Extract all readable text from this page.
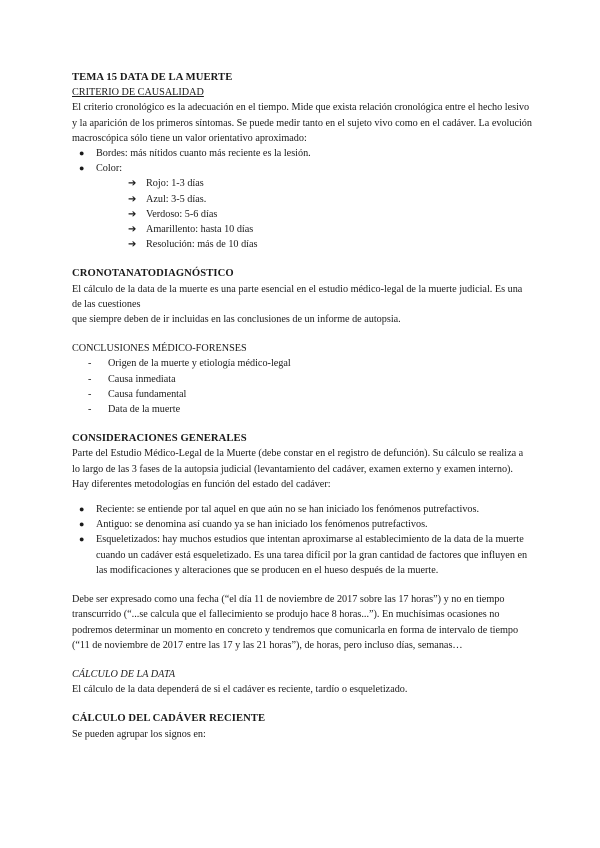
TEMA 15 DATA DE LA MUERTE
CRITERIO DE CAUSALIDAD

El criterio cronológico es la adecuación en el tiempo. Mide que exista relación cronológica entre el hecho lesivo y la aparición de los primeros síntomas. Se puede medir tanto en el sujeto vivo como en el cadáver. La evolución macroscópica sólo tiene un valor orientativo aproximado:

● Bordes: más nítidos cuanto más reciente es la lesión.
● Color:
➔ Rojo: 1-3 días
➔ Azul: 3-5 días.
➔ Verdoso: 5-6 días
➔ Amarillento: hasta 10 días
➔ Resolución: más de 10 días
CRONOTANATODIAGNÓSTICO

El cálculo de la data de la muerte es una parte esencial en el estudio médico-legal de la muerte judicial. Es una de las cuestiones

que siempre deben de ir incluidas en las conclusiones de un informe de autopsia.

CONCLUSIONES MÉDICO-FORENSES
- Origen de la muerte y etiología médico-legal
- Causa inmediata
- Causa fundamental
- Data de la muerte
CONSIDERACIONES GENERALES

Parte del Estudio Médico-Legal de la Muerte (debe constar en el registro de defunción). Su cálculo se realiza a lo largo de las 3 fases de la autopsia judicial (levantamiento del cadáver, examen externo y examen interno). Hay diferentes metodologías en función del estado del cadáver:

● Reciente: se entiende por tal aquel en que aún no se han iniciado los fenómenos putrefactivos.
● Antiguo: se denomina así cuando ya se han iniciado los fenómenos putrefactivos.
● Esqueletizados: hay muchos estudios que intentan aproximarse al establecimiento de la data de la muerte cuando un cadáver está esqueletizado. Es una tarea difícil por la gran cantidad de factores que influyen en las modificaciones y alteraciones que se producen en el hueso después de la muerte.

Debe ser expresado como una fecha (“el día 11 de noviembre de 2017 sobre las 17 horas”) y no en tiempo transcurrido (“...se calcula que el fallecimiento se produjo hace 8 horas...”). En muchísimas ocasiones no podremos determinar un momento en concreto y tendremos que comunicarla en forma de intervalo de tiempo (“11 de noviembre de 2017 entre las 17 y las 21 horas”), de horas, pero incluso días, semanas…

CÁLCULO DE LA DATA

El cálculo de la data dependerá de si el cadáver es reciente, tardío o esqueletizado.

CÁLCULO DEL CADÁVER RECIENTE

Se pueden agrupar los signos en:
